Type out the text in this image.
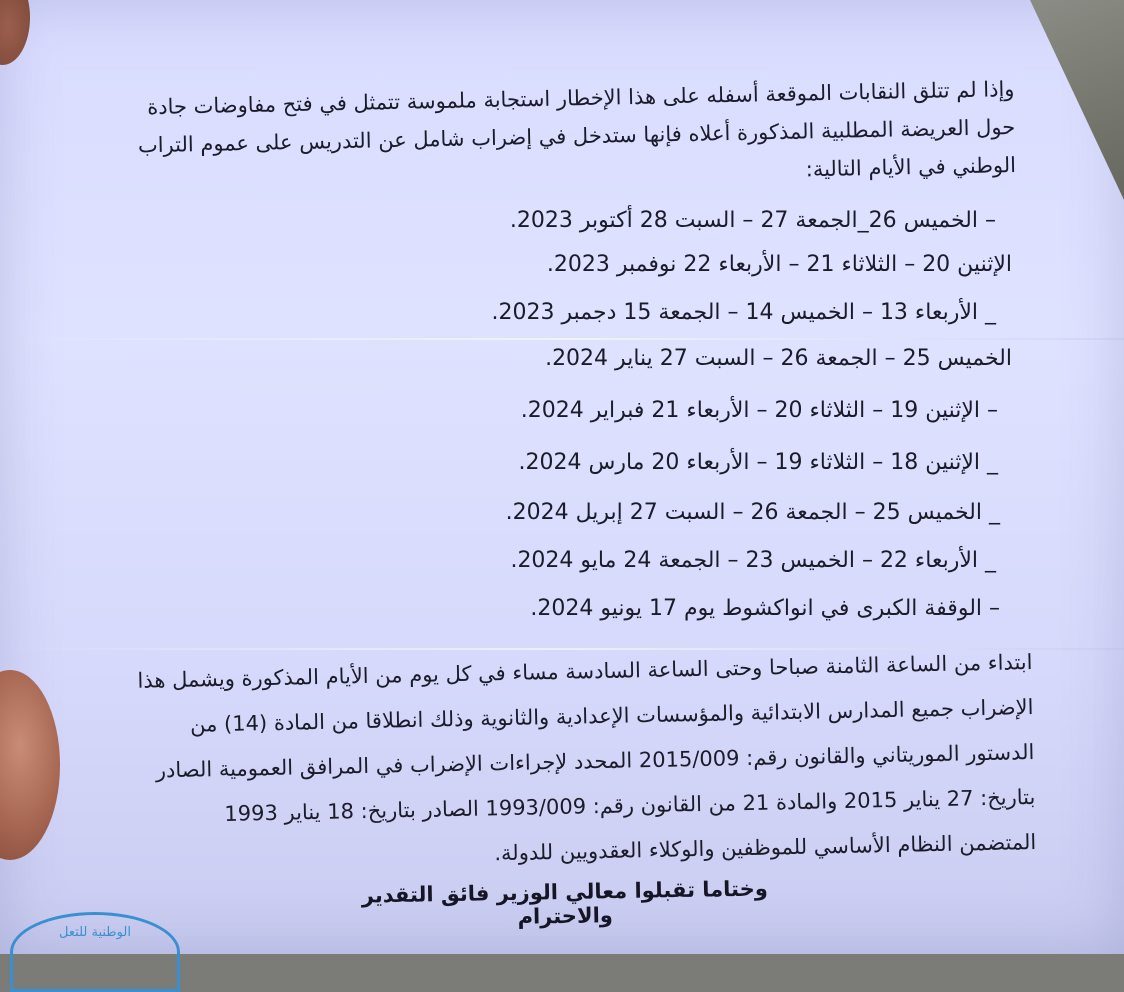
وإذا لم تتلق النقابات الموقعة أسفله على هذا الإخطار استجابة ملموسة تتمثل في فتح مفاوضات جادة
حول العريضة المطلبية المذكورة أعلاه فإنها ستدخل في إضراب شامل عن التدريس على عموم التراب
الوطني في الأيام التالية:
– الخميس 26_الجمعة 27 – السبت 28 أكتوبر 2023.
الإثنين 20 – الثلاثاء 21 – الأربعاء 22 نوفمبر 2023.
_ الأربعاء 13 – الخميس 14 – الجمعة 15 دجمبر 2023.
الخميس 25 – الجمعة 26 – السبت 27 يناير 2024.
– الإثنين 19 – الثلاثاء 20 – الأربعاء 21 فبراير 2024.
_ الإثنين 18 – الثلاثاء 19 – الأربعاء 20 مارس 2024.
_ الخميس 25 – الجمعة 26 – السبت 27 إبريل 2024.
_ الأربعاء 22 – الخميس 23 – الجمعة 24 مايو 2024.
– الوقفة الكبرى في انواكشوط يوم 17 يونيو 2024.
ابتداء من الساعة الثامنة صباحا وحتى الساعة السادسة مساء في كل يوم من الأيام المذكورة ويشمل هذا
الإضراب جميع المدارس الابتدائية والمؤسسات الإعدادية والثانوية وذلك انطلاقا من المادة (14) من
الدستور الموريتاني والقانون رقم: 2015/009 المحدد لإجراءات الإضراب في المرافق العمومية الصادر
بتاريخ: 27 يناير 2015 والمادة 21 من القانون رقم: 1993/009 الصادر بتاريخ: 18 يناير 1993
المتضمن النظام الأساسي للموظفين والوكلاء العقدويين للدولة.
وختاما تقبلوا معالي الوزير فائق التقدير والاحترام
الوطنية للتعل
